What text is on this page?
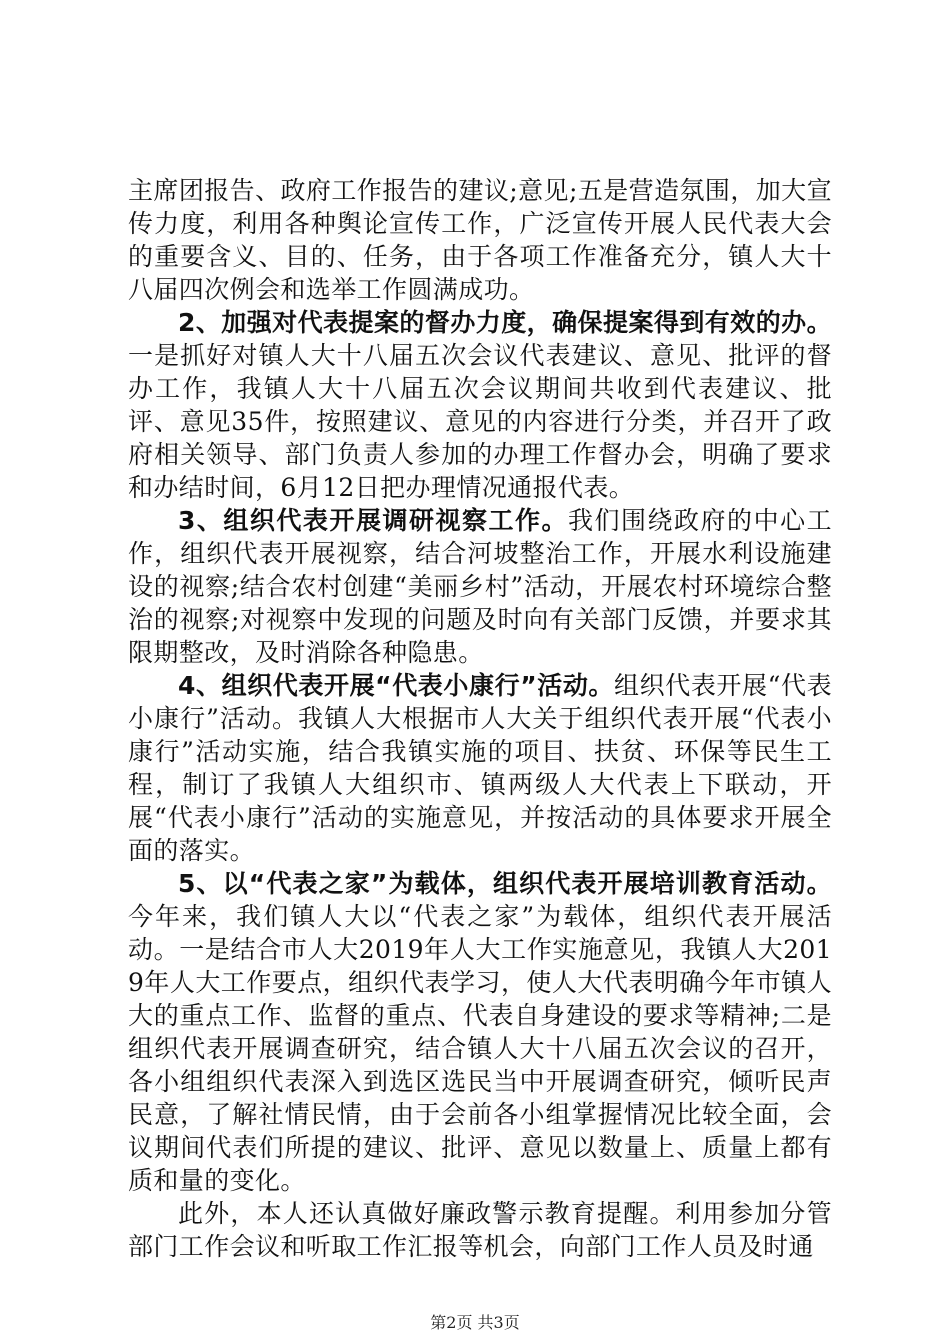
主席团报告、政府工作报告的建议;意见;五是营造氛围，加大宣传力度，利用各种舆论宣传工作，广泛宣传开展人民代表大会的重要含义、目的、任务，由于各项工作准备充分，镇人大十八届四次例会和选举工作圆满成功。

2、加强对代表提案的督办力度，确保提案得到有效的办。一是抓好对镇人大十八届五次会议代表建议、意见、批评的督办工作，我镇人大十八届五次会议期间共收到代表建议、批评、意见35件，按照建议、意见的内容进行分类，并召开了政府相关领导、部门负责人参加的办理工作督办会，明确了要求和办结时间，6月12日把办理情况通报代表。

3、组织代表开展调研视察工作。我们围绕政府的中心工作，组织代表开展视察，结合河坡整治工作，开展水利设施建设的视察;结合农村创建“美丽乡村”活动，开展农村环境综合整治的视察;对视察中发现的问题及时向有关部门反馈，并要求其限期整改，及时消除各种隐患。

4、组织代表开展“代表小康行”活动。组织代表开展“代表小康行”活动。我镇人大根据市人大关于组织代表开展“代表小康行”活动实施，结合我镇实施的项目、扶贫、环保等民生工程，制订了我镇人大组织市、镇两级人大代表上下联动，开展“代表小康行”活动的实施意见，并按活动的具体要求开展全面的落实。

5、以“代表之家”为载体，组织代表开展培训教育活动。今年来，我们镇人大以“代表之家”为载体，组织代表开展活动。一是结合市人大2019年人大工作实施意见，我镇人大2019年人大工作要点，组织代表学习，使人大代表明确今年市镇人大的重点工作、监督的重点、代表自身建设的要求等精神;二是组织代表开展调查研究，结合镇人大十八届五次会议的召开，各小组组织代表深入到选区选民当中开展调查研究，倾听民声民意，了解社情民情，由于会前各小组掌握情况比较全面，会议期间代表们所提的建议、批评、意见以数量上、质量上都有质和量的变化。

此外，本人还认真做好廉政警示教育提醒。利用参加分管部门工作会议和听取工作汇报等机会，向部门工作人员及时通

第2页 共3页
